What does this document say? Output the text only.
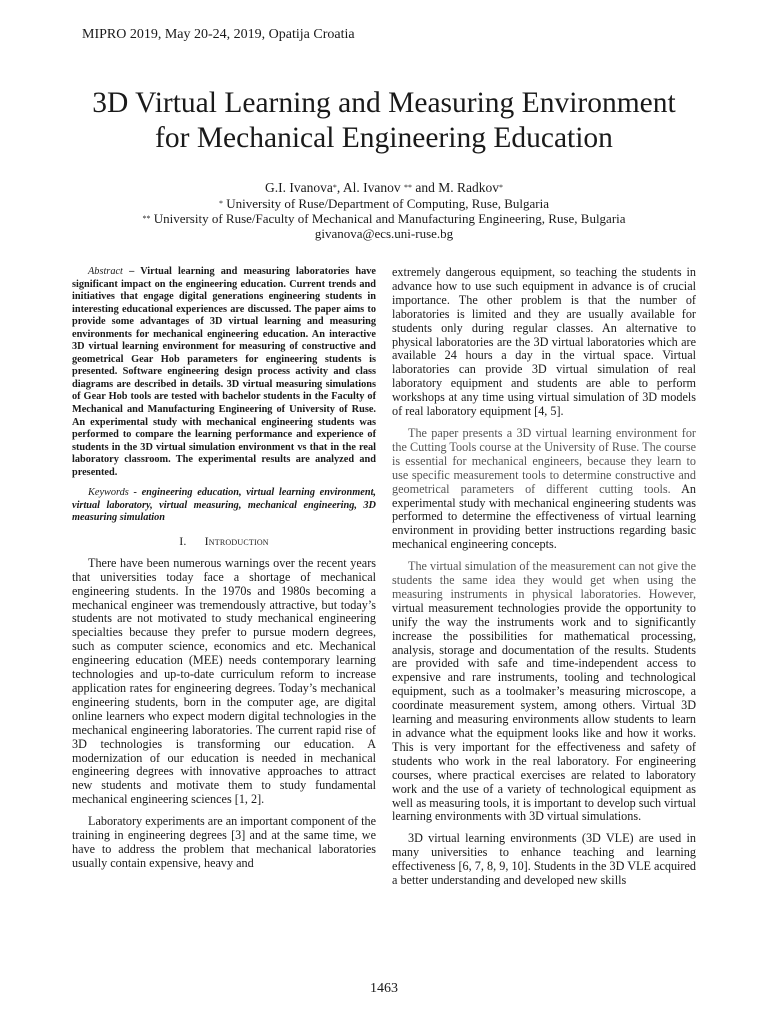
MIPRO 2019, May 20-24, 2019, Opatija Croatia
3D Virtual Learning and Measuring Environment
for Mechanical Engineering Education
G.I. Ivanova*, Al. Ivanov ** and M. Radkov*
* University of Ruse/Department of Computing, Ruse, Bulgaria
** University of Ruse/Faculty of Mechanical and Manufacturing Engineering, Ruse, Bulgaria
givanova@ecs.uni-ruse.bg

Abstract – Virtual learning and measuring laboratories have significant impact on the engineering education. Current trends and initiatives that engage digital generations engineering students in interesting educational experiences are discussed. The paper aims to provide some advantages of 3D virtual learning and measuring environments for mechanical engineering education. An interactive 3D virtual learning environment for measuring of constructive and geometrical Gear Hob parameters for engineering students is presented. Software engineering design process activity and class diagrams are described in details. 3D virtual measuring simulations of Gear Hob tools are tested with bachelor students in the Faculty of Mechanical and Manufacturing Engineering of University of Ruse. An experimental study with mechanical engineering students was performed to compare the learning performance and experience of students in the 3D virtual simulation environment vs that in the real laboratory classroom. The experimental results are analyzed and presented.

Keywords - engineering education, virtual learning environment, virtual laboratory, virtual measuring, mechanical engineering, 3D measuring simulation

I. Introduction

There have been numerous warnings over the recent years that universities today face a shortage of mechanical engineering students. In the 1970s and 1980s becoming a mechanical engineer was tremendously attractive, but today’s students are not motivated to study mechanical engineering specialties because they prefer to pursue modern degrees, such as computer science, economics and etc. Mechanical engineering education (MEE) needs contemporary learning technologies and up-to-date curriculum reform to increase application rates for engineering degrees. Today’s mechanical engineering students, born in the computer age, are digital online learners who expect modern digital technologies in the mechanical engineering laboratories. The current rapid rise of 3D technologies is transforming our education. A modernization of our education is needed in mechanical engineering degrees with innovative approaches to attract new students and motivate them to study fundamental mechanical engineering sciences [1, 2].

Laboratory experiments are an important component of the training in engineering degrees [3] and at the same time, we have to address the problem that mechanical laboratories usually contain expensive, heavy and

extremely dangerous equipment, so teaching the students in advance how to use such equipment in advance is of crucial importance. The other problem is that the number of laboratories is limited and they are usually available for students only during regular classes. An alternative to physical laboratories are the 3D virtual laboratories which are available 24 hours a day in the virtual space. Virtual laboratories can provide 3D virtual simulation of real laboratory equipment and students are able to perform workshops at any time using virtual simulation of 3D models of real laboratory equipment [4, 5].

The paper presents a 3D virtual learning environment for the Cutting Tools course at the University of Ruse. The course is essential for mechanical engineers, because they learn to use specific measurement tools to determine constructive and geometrical parameters of different cutting tools. An experimental study with mechanical engineering students was performed to determine the effectiveness of virtual learning environment in providing better instructions regarding basic mechanical engineering concepts.

The virtual simulation of the measurement can not give the students the same idea they would get when using the measuring instruments in physical laboratories. However, virtual measurement technologies provide the opportunity to unify the way the instruments work and to significantly increase the possibilities for mathematical processing, analysis, storage and documentation of the results. Students are provided with safe and time-independent access to expensive and rare instruments, tooling and technological equipment, such as a toolmaker’s measuring microscope, a coordinate measurement system, among others. Virtual 3D learning and measuring environments allow students to learn in advance what the equipment looks like and how it works. This is very important for the effectiveness and safety of students who work in the real laboratory. For engineering courses, where practical exercises are related to laboratory work and the use of a variety of technological equipment as well as measuring tools, it is important to develop such virtual learning environments with 3D virtual simulations.

3D virtual learning environments (3D VLE) are used in many universities to enhance teaching and learning effectiveness [6, 7, 8, 9, 10]. Students in the 3D VLE acquired a better understanding and developed new skills

1463
